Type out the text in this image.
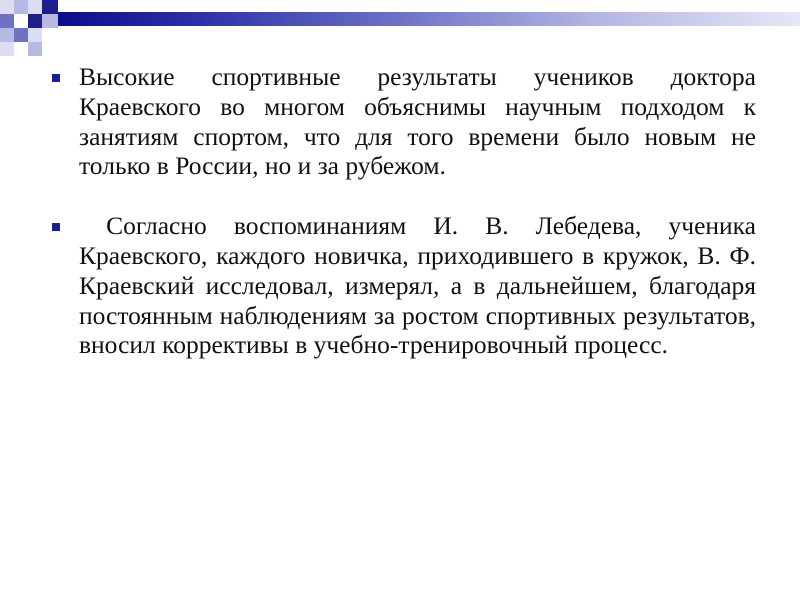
Высокие спортивные результаты учеников доктора Краевского во многом объяснимы научным подходом к занятиям спортом, что для того времени было новым не только в России, но и за рубежом.
Согласно воспоминаниям И. В. Лебедева, ученика Краевского, каждого новичка, приходившего в кружок, В. Ф. Краевский исследовал, измерял, а в дальнейшем, благодаря постоянным наблюдениям за ростом спортивных результатов, вносил коррективы в учебно-тренировочный процесс.
